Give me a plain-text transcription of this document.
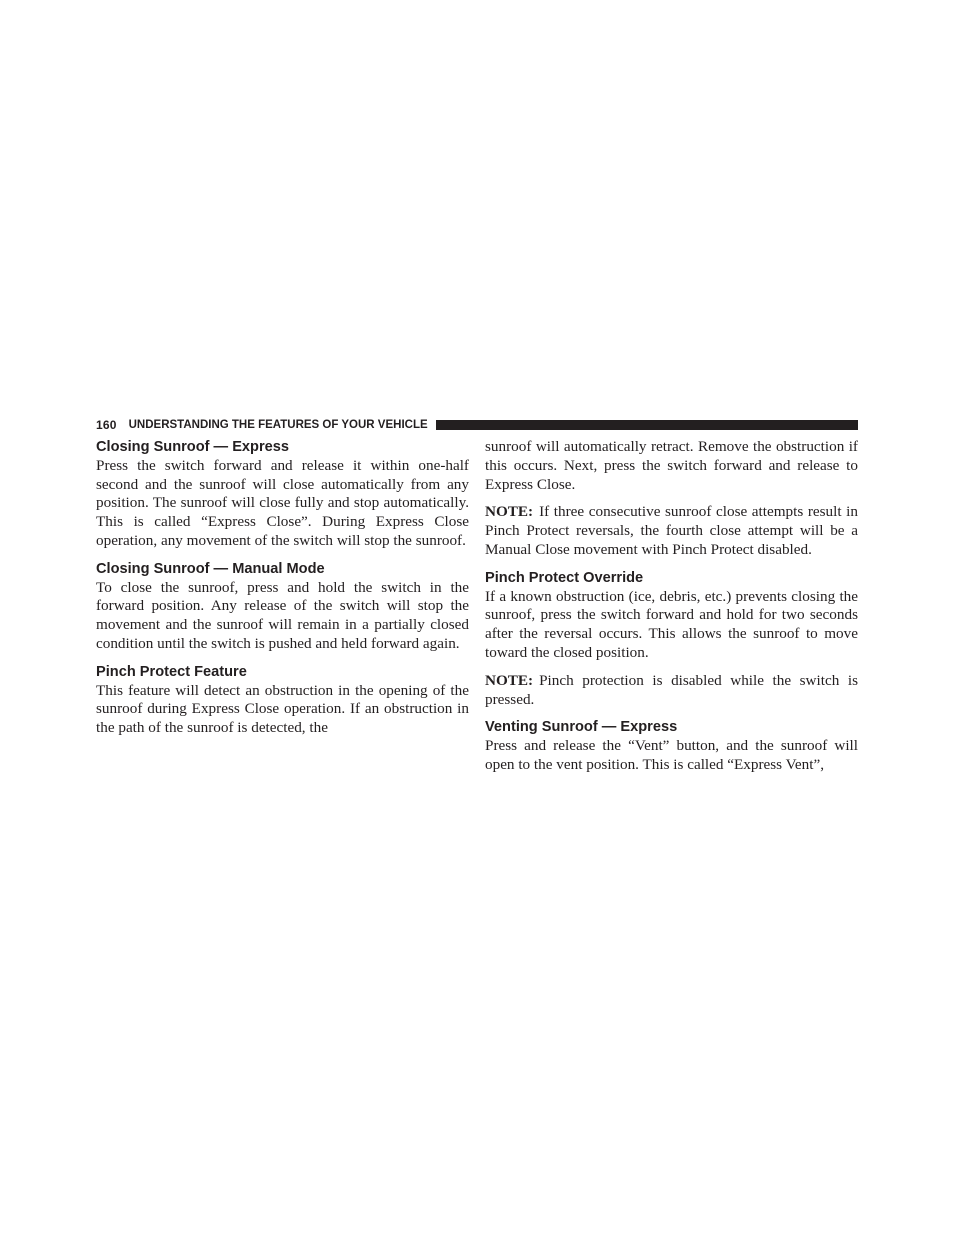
160 UNDERSTANDING THE FEATURES OF YOUR VEHICLE
Closing Sunroof — Express

Press the switch forward and release it within one-half second and the sunroof will close automatically from any position. The sunroof will close fully and stop automatically. This is called “Express Close”. During Express Close operation, any movement of the switch will stop the sunroof.

Closing Sunroof — Manual Mode

To close the sunroof, press and hold the switch in the forward position. Any release of the switch will stop the movement and the sunroof will remain in a partially closed condition until the switch is pushed and held forward again.

Pinch Protect Feature

This feature will detect an obstruction in the opening of the sunroof during Express Close operation. If an obstruction in the path of the sunroof is detected, the

sunroof will automatically retract. Remove the obstruction if this occurs. Next, press the switch forward and release to Express Close.

NOTE: If three consecutive sunroof close attempts result in Pinch Protect reversals, the fourth close attempt will be a Manual Close movement with Pinch Protect disabled.

Pinch Protect Override

If a known obstruction (ice, debris, etc.) prevents closing the sunroof, press the switch forward and hold for two seconds after the reversal occurs. This allows the sunroof to move toward the closed position.

NOTE: Pinch protection is disabled while the switch is pressed.

Venting Sunroof — Express

Press and release the “Vent” button, and the sunroof will open to the vent position. This is called “Express Vent”,
